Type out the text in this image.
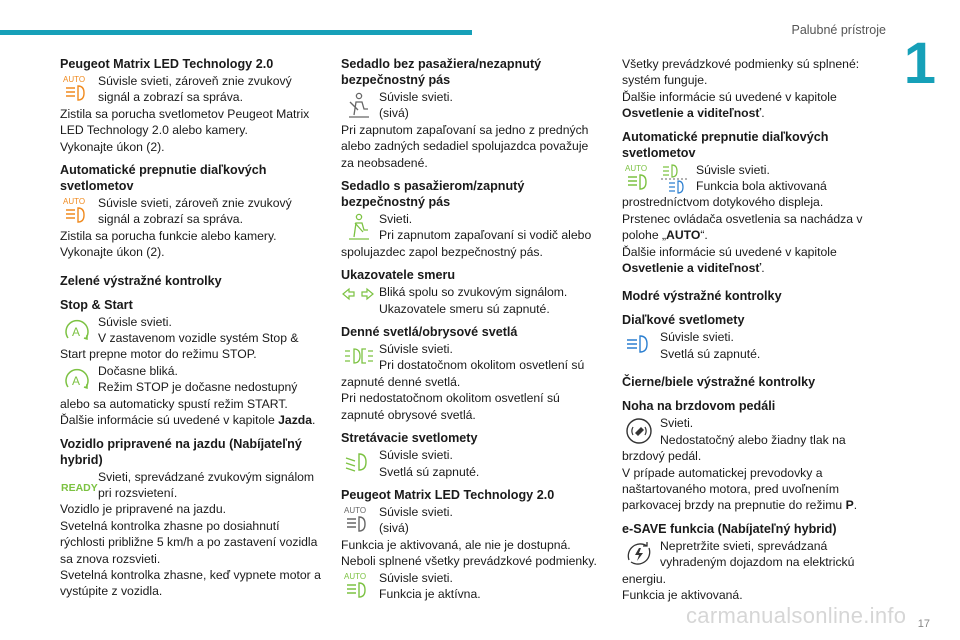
Palubné prístroje
1
Peugeot Matrix LED Technology 2.0
AUTO Súvisle svieti, zároveň znie zvukový

signál a zobrazí sa správa.

Zistila sa porucha svetlometov Peugeot Matrix LED Technology 2.0 alebo kamery.

Vykonajte úkon (2).

Automatické prepnutie diaľkových svetlometov
AUTO Súvisle svieti, zároveň znie zvukový

signál a zobrazí sa správa.

Zistila sa porucha funkcie alebo kamery.

Vykonajte úkon (2).

Zelené výstražné kontrolky
Stop & Start
A

Súvisle svieti.

V zastavenom vozidle systém Stop &

Start prepne motor do režimu STOP.

A

Dočasne bliká.

Režim STOP je dočasne nedostupný

alebo sa automaticky spustí režim START.

Ďalšie informácie sú uvedené v kapitole Jazda.

Vozidlo pripravené na jazdu (Nabíjateľný hybrid)
READY

Svieti, sprevádzané zvukovým signálom

pri rozsvietení.

Vozidlo je pripravené na jazdu.

Svetelná kontrolka zhasne po dosiahnutí rýchlosti približne 5 km/h a po zastavení vozidla sa znova rozsvieti.

Svetelná kontrolka zhasne, keď vypnete motor a vystúpite z vozidla.

Sedadlo bez pasažiera/nezapnutý bezpečnostný pás

Súvisle svieti.

(sivá)

Pri zapnutom zapaľovaní sa jedno z predných alebo zadných sedadiel spolujazdca považuje za neobsadené.

Sedadlo s pasažierom/zapnutý bezpečnostný pás

Svieti.

Pri zapnutom zapaľovaní si vodič alebo

spolujazdec zapol bezpečnostný pás.

Ukazovatele smeru

Bliká spolu so zvukovým signálom.

Ukazovatele smeru sú zapnuté.

Denné svetlá/obrysové svetlá

Súvisle svieti.

Pri dostatočnom okolitom osvetlení sú

zapnuté denné svetlá.

Pri nedostatočnom okolitom osvetlení sú zapnuté obrysové svetlá.

Stretávacie svetlomety

Súvisle svieti.

Svetlá sú zapnuté.

Peugeot Matrix LED Technology 2.0
AUTO Súvisle svieti.

(sivá)

Funkcia je aktivovaná, ale nie je dostupná.

Neboli splnené všetky prevádzkové podmienky.

AUTO Súvisle svieti.

Funkcia je aktívna.

Všetky prevádzkové podmienky sú splnené: systém funguje.

Ďalšie informácie sú uvedené v kapitole Osvetlenie a viditeľnosť.

Automatické prepnutie diaľkových svetlometov
AUTO	Súvisle svieti.

Funkcia bola aktivovaná

prostredníctvom dotykového displeja.

Prstenec ovládača osvetlenia sa nachádza v polohe „AUTO“.

Ďalšie informácie sú uvedené v kapitole Osvetlenie a viditeľnosť.

Modré výstražné kontrolky
Diaľkové svetlomety

Súvisle svieti.

Svetlá sú zapnuté.

Čierne/biele výstražné kontrolky
Noha na brzdovom pedáli

Svieti.

Nedostatočný alebo žiadny tlak na

brzdový pedál.

V prípade automatickej prevodovky a naštartovaného motora, pred uvoľnením parkovacej brzdy na prepnutie do režimu P.

e-SAVE funkcia (Nabíjateľný hybrid)

Nepretržite svieti, sprevádzaná

vyhradeným dojazdom na elektrickú

energiu.

Funkcia je aktivovaná.

carmanualsonline.info 17
